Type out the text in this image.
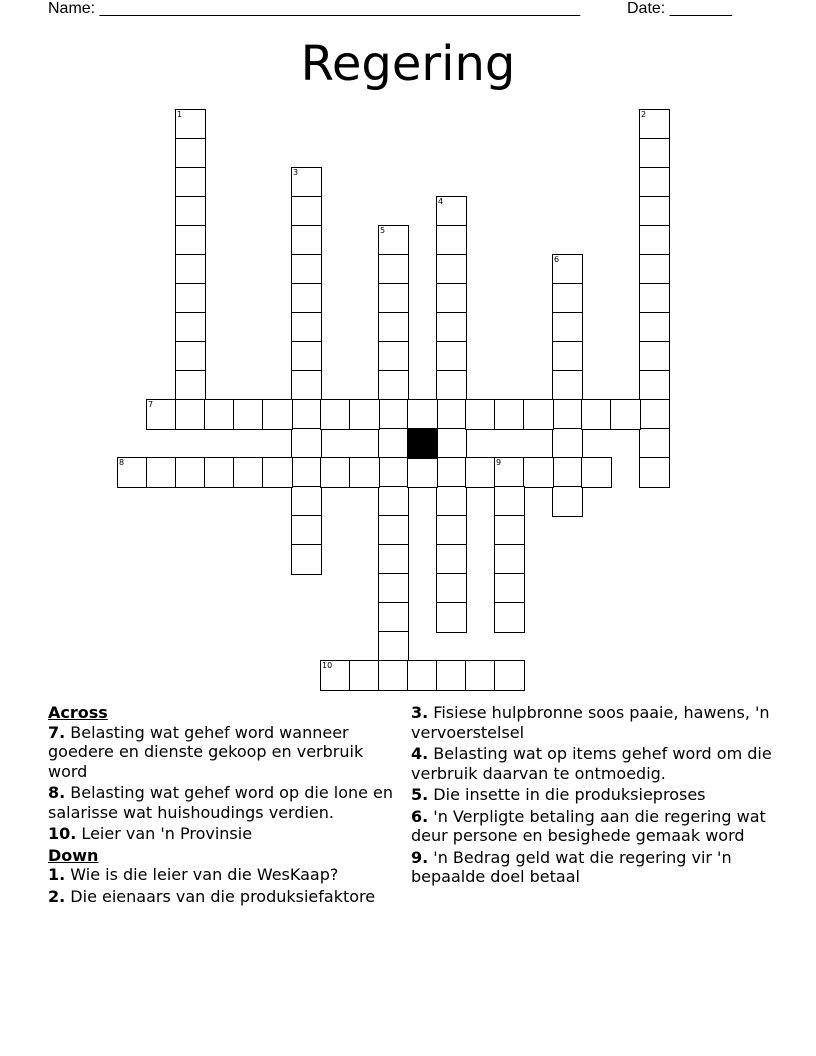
Name: ______________________________________________________	Date: _______
Regering
1	2
3
4
5
6
7
8	9
10
Across
7. Belasting wat gehef word wanneer goedere en dienste gekoop en verbruik word
8. Belasting wat gehef word op die lone en salarisse wat huishoudings verdien.
10. Leier van 'n Provinsie
Down
1. Wie is die leier van die WesKaap?
2. Die eienaars van die produksiefaktore
3. Fisiese hulpbronne soos paaie, hawens, 'n vervoerstelsel
4. Belasting wat op items gehef word om die verbruik daarvan te ontmoedig.
5. Die insette in die produksieproses
6. 'n Verpligte betaling aan die regering wat deur persone en besighede gemaak word
9. 'n Bedrag geld wat die regering vir 'n bepaalde doel betaal
